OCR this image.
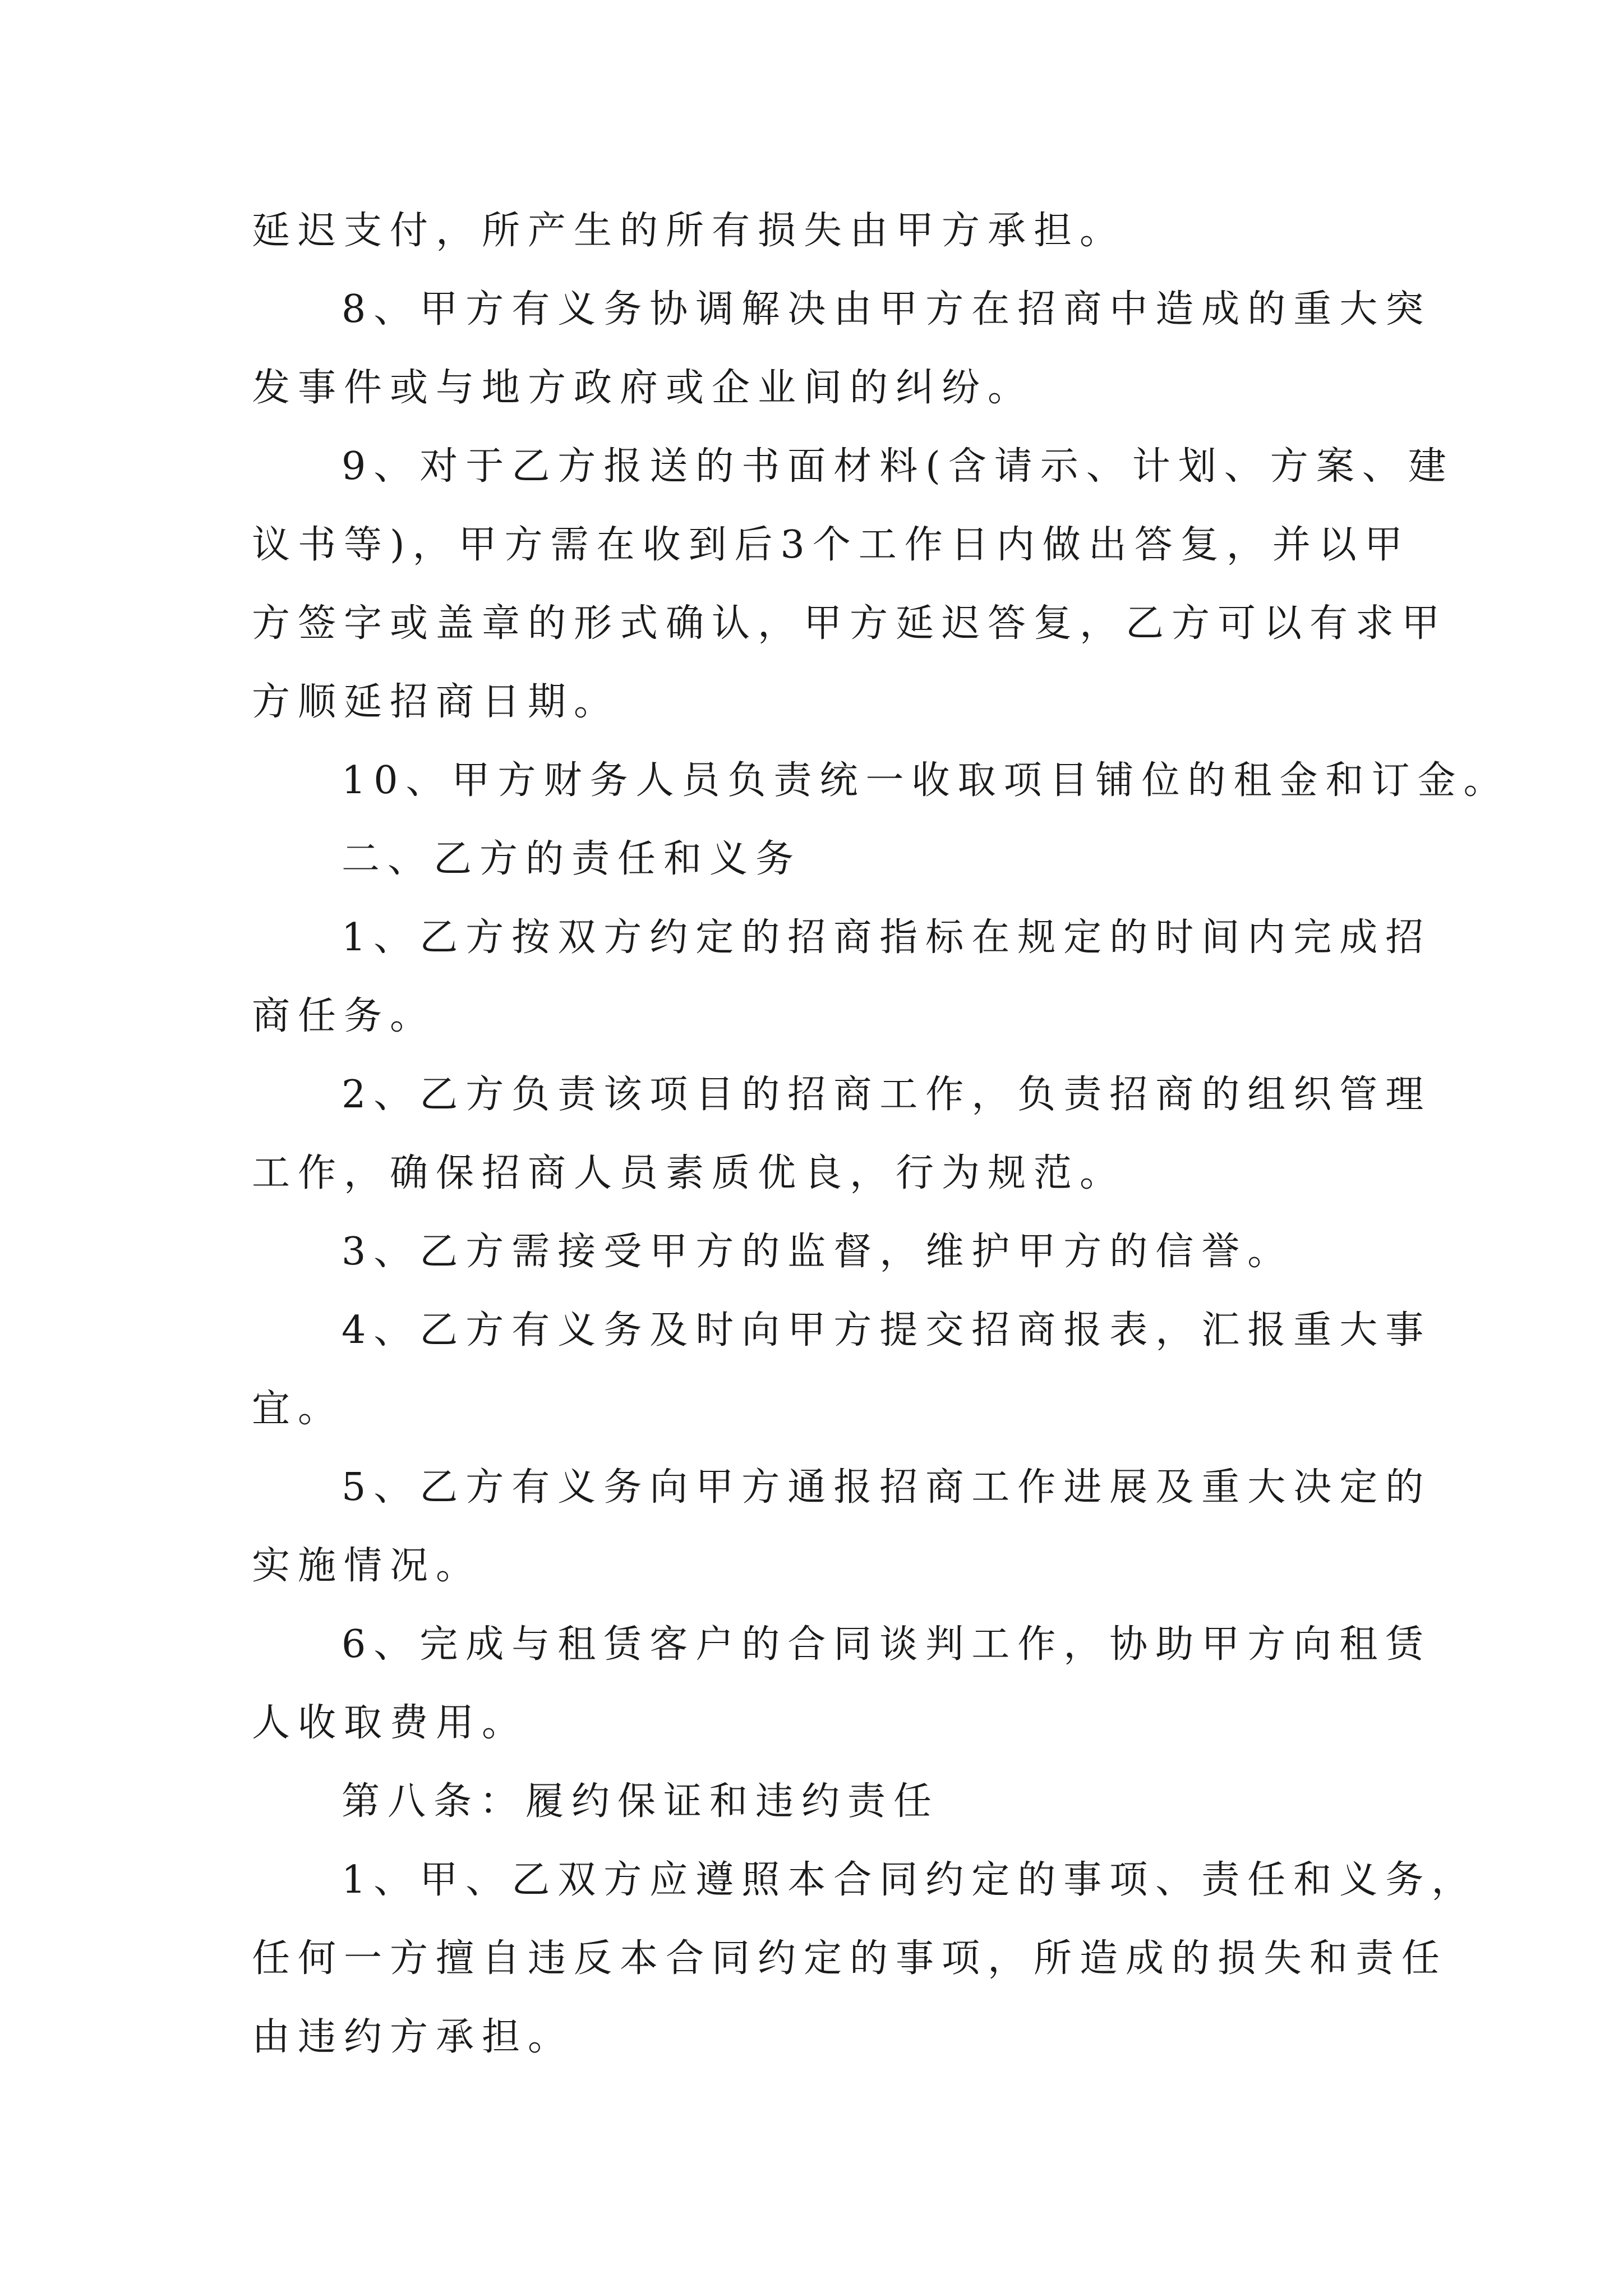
延迟支付，所产生的所有损失由甲方承担。
8、甲方有义务协调解决由甲方在招商中造成的重大突
发事件或与地方政府或企业间的纠纷。
9、对于乙方报送的书面材料(含请示、计划、方案、建
议书等)，甲方需在收到后3个工作日内做出答复，并以甲
方签字或盖章的形式确认，甲方延迟答复，乙方可以有求甲
方顺延招商日期。
10、甲方财务人员负责统一收取项目铺位的租金和订金。
二、乙方的责任和义务
1、乙方按双方约定的招商指标在规定的时间内完成招
商任务。
2、乙方负责该项目的招商工作，负责招商的组织管理
工作，确保招商人员素质优良，行为规范。
3、乙方需接受甲方的监督，维护甲方的信誉。
4、乙方有义务及时向甲方提交招商报表，汇报重大事
宜。
5、乙方有义务向甲方通报招商工作进展及重大决定的
实施情况。
6、完成与租赁客户的合同谈判工作，协助甲方向租赁
人收取费用。
第八条：履约保证和违约责任
1、甲、乙双方应遵照本合同约定的事项、责任和义务，
任何一方擅自违反本合同约定的事项，所造成的损失和责任
由违约方承担。
